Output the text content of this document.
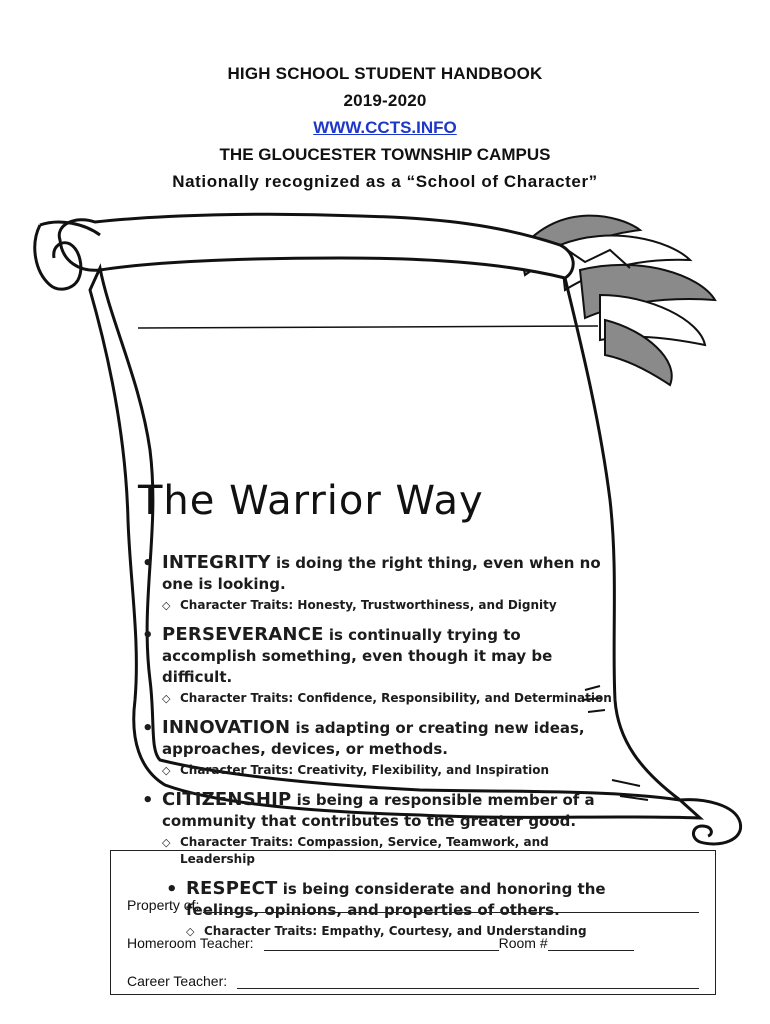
HIGH SCHOOL STUDENT HANDBOOK
2019-2020
WWW.CCTS.INFO
THE GLOUCESTER TOWNSHIP CAMPUS
Nationally recognized as a “School of Character”
The Warrior Way
• INTEGRITY is doing the right thing, even when no one is looking.
◇ Character Traits: Honesty, Trustworthiness, and Dignity
• PERSEVERANCE is continually trying to accomplish something, even though it may be difficult.
◇ Character Traits: Confidence, Responsibility, and Determination
• INNOVATION is adapting or creating new ideas, approaches, devices, or methods.
◇ Character Traits: Creativity, Flexibility, and Inspiration
• CITIZENSHIP is being a responsible member of a community that contributes to the greater good.
◇ Character Traits: Compassion, Service, Teamwork, and Leadership
• RESPECT is being considerate and honoring the feelings, opinions, and properties of others.
◇ Character Traits: Empathy, Courtesy, and Understanding
Property of:
Homeroom Teacher:	Room #
Career Teacher:
